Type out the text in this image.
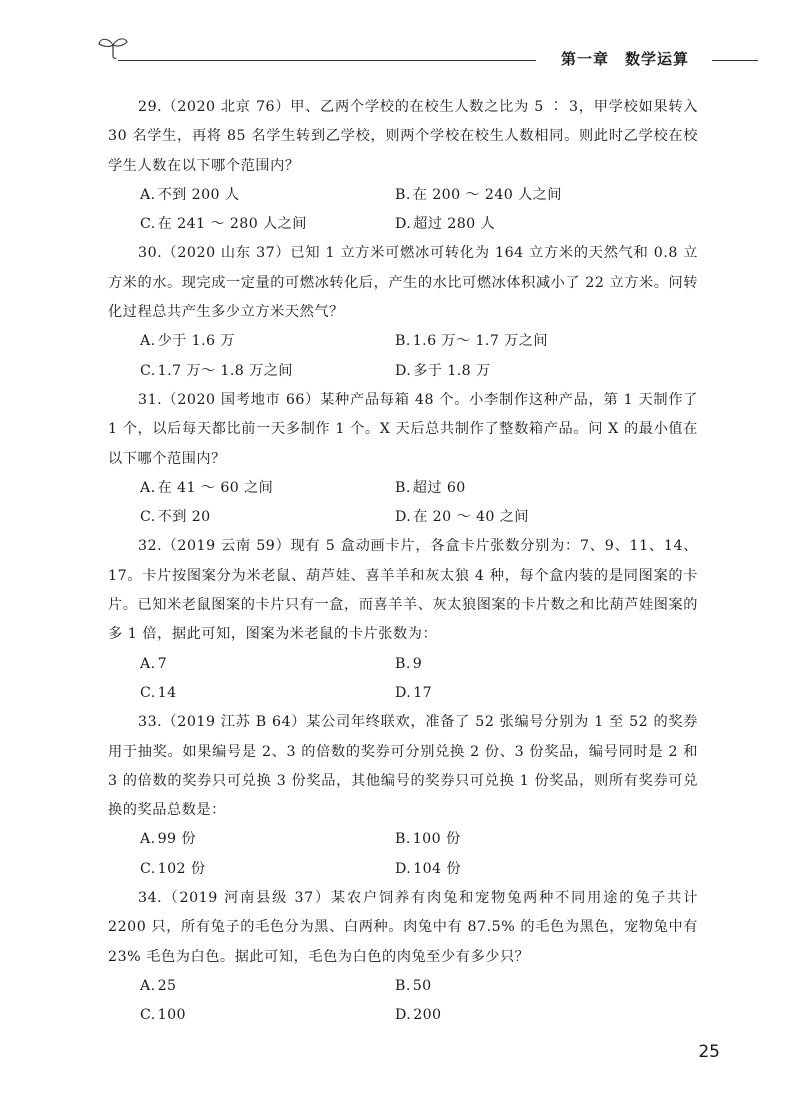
第一章　数学运算
29.（2020 北京 76）甲、乙两个学校的在校生人数之比为 5 ∶ 3，甲学校如果转入 30 名学生，再将 85 名学生转到乙学校，则两个学校在校生人数相同。则此时乙学校在校学生人数在以下哪个范围内？
A. 不到 200 人	B. 在 200 ～ 240 人之间
C. 在 241 ～ 280 人之间	D. 超过 280 人
30.（2020 山东 37）已知 1 立方米可燃冰可转化为 164 立方米的天然气和 0.8 立方米的水。现完成一定量的可燃冰转化后，产生的水比可燃冰体积减小了 22 立方米。问转化过程总共产生多少立方米天然气？
A. 少于 1.6 万	B. 1.6 万～ 1.7 万之间
C. 1.7 万～ 1.8 万之间	D. 多于 1.8 万
31.（2020 国考地市 66）某种产品每箱 48 个。小李制作这种产品，第 1 天制作了 1 个，以后每天都比前一天多制作 1 个。X 天后总共制作了整数箱产品。问 X 的最小值在以下哪个范围内？
A. 在 41 ～ 60 之间	B. 超过 60
C. 不到 20	D. 在 20 ～ 40 之间
32.（2019 云南 59）现有 5 盒动画卡片，各盒卡片张数分别为：7、9、11、14、17。卡片按图案分为米老鼠、葫芦娃、喜羊羊和灰太狼 4 种，每个盒内装的是同图案的卡片。已知米老鼠图案的卡片只有一盒，而喜羊羊、灰太狼图案的卡片数之和比葫芦娃图案的多 1 倍，据此可知，图案为米老鼠的卡片张数为：
A. 7	B. 9
C. 14	D. 17
33.（2019 江苏 B 64）某公司年终联欢，准备了 52 张编号分别为 1 至 52 的奖券用于抽奖。如果编号是 2、3 的倍数的奖券可分别兑换 2 份、3 份奖品，编号同时是 2 和 3 的倍数的奖券只可兑换 3 份奖品，其他编号的奖券只可兑换 1 份奖品，则所有奖券可兑换的奖品总数是：
A. 99 份	B. 100 份
C. 102 份	D. 104 份
34.（2019 河南县级 37）某农户饲养有肉兔和宠物兔两种不同用途的兔子共计 2200 只，所有兔子的毛色分为黑、白两种。肉兔中有 87.5% 的毛色为黑色，宠物兔中有 23% 毛色为白色。据此可知，毛色为白色的肉兔至少有多少只？
A. 25	B. 50
C. 100	D. 200
25
